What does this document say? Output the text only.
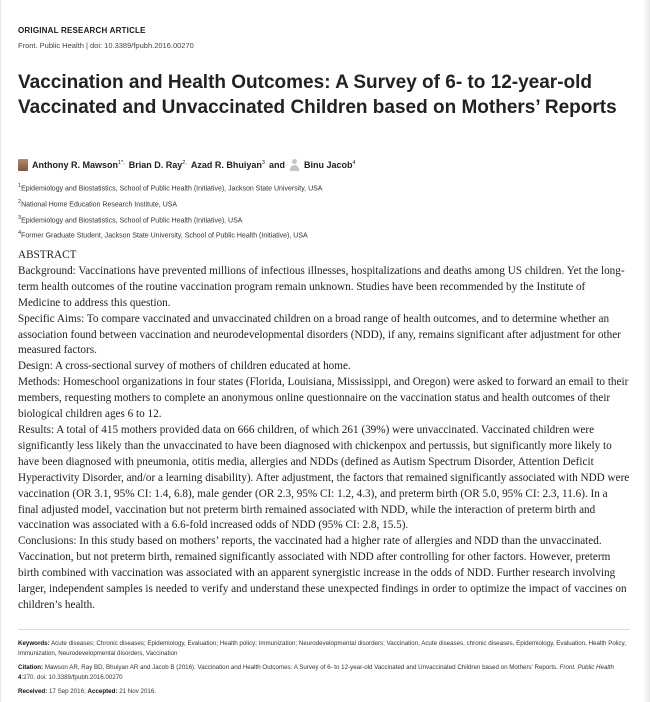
ORIGINAL RESEARCH ARTICLE
Front. Public Health | doi: 10.3389/fpubh.2016.00270
Vaccination and Health Outcomes: A Survey of 6- to 12-year-old Vaccinated and Unvaccinated Children based on Mothers’ Reports
Anthony R. Mawson$^{1*,}$ Brian D. Ray$^{2,}$ Azad R. Bhuiyan$^3$ and Binu Jacob$^4$
$^1$Epidemiology and Biostatistics, School of Public Health (Initiative), Jackson State University, USA
$^2$National Home Education Research Institute, USA
$^3$Epidemiology and Biostatistics, School of Public Health (Initiative), USA
$^4$Former Graduate Student, Jackson State University, School of Public Health (Initiative), USA

ABSTRACT

Background: Vaccinations have prevented millions of infectious illnesses, hospitalizations and deaths among US children. Yet the long-term health outcomes of the routine vaccination program remain unknown. Studies have been recommended by the Institute of Medicine to address this question.

Specific Aims: To compare vaccinated and unvaccinated children on a broad range of health outcomes, and to determine whether an association found between vaccination and neurodevelopmental disorders (NDD), if any, remains significant after adjustment for other measured factors.

Design: A cross-sectional survey of mothers of children educated at home.

Methods: Homeschool organizations in four states (Florida, Louisiana, Mississippi, and Oregon) were asked to forward an email to their members, requesting mothers to complete an anonymous online questionnaire on the vaccination status and health outcomes of their biological children ages 6 to 12.

Results: A total of 415 mothers provided data on 666 children, of which 261 (39%) were unvaccinated. Vaccinated children were significantly less likely than the unvaccinated to have been diagnosed with chickenpox and pertussis, but significantly more likely to have been diagnosed with pneumonia, otitis media, allergies and NDDs (defined as Autism Spectrum Disorder, Attention Deficit Hyperactivity Disorder, and/or a learning disability). After adjustment, the factors that remained significantly associated with NDD were vaccination (OR 3.1, 95% CI: 1.4, 6.8), male gender (OR 2.3, 95% CI: 1.2, 4.3), and preterm birth (OR 5.0, 95% CI: 2.3, 11.6). In a final adjusted model, vaccination but not preterm birth remained associated with NDD, while the interaction of preterm birth and vaccination was associated with a 6.6-fold increased odds of NDD (95% CI: 2.8, 15.5).

Conclusions: In this study based on mothers’ reports, the vaccinated had a higher rate of allergies and NDD than the unvaccinated. Vaccination, but not preterm birth, remained significantly associated with NDD after controlling for other factors. However, preterm birth combined with vaccination was associated with an apparent synergistic increase in the odds of NDD. Further research involving larger, independent samples is needed to verify and understand these unexpected findings in order to optimize the impact of vaccines on children’s health.

Keywords: Acute diseases; Chronic diseases; Epidemiology, Evaluation; Health policy; Immunization; Neurodevelopmental disorders; Vaccination, Acute diseases, chronic diseases, Epidemiology, Evaluation, Health Policy, Immunization, Neurodevelopmental disorders, Vaccination
Citation: Mawson AR, Ray BD, Bhuiyan AR and Jacob B (2016). Vaccination and Health Outcomes: A Survey of 6- to 12-year-old Vaccinated and Unvaccinated Children based on Mothers’ Reports. Front. Public Health 4:270. doi: 10.3389/fpubh.2016.00270
Received: 17 Sep 2016; Accepted: 21 Nov 2016.
